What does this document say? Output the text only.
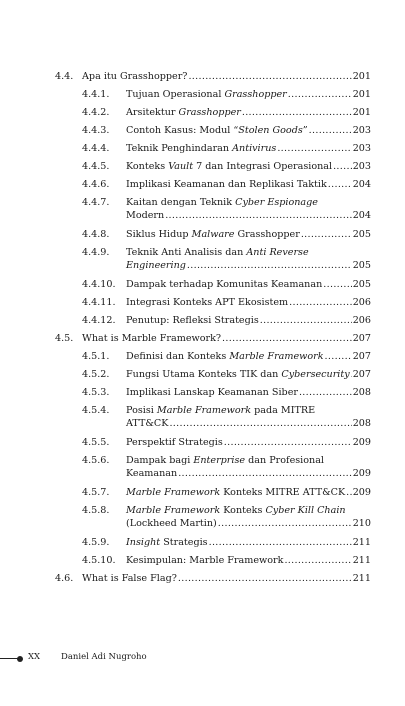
4.4. Apa itu Grasshopper? .....	201
4.4.1. Tujuan Operasional Grasshopper .....	201
4.4.2. Arsitektur Grasshopper .....	201
4.4.3. Contoh Kasus: Modul “Stolen Goods” .....	203
4.4.4. Teknik Penghindaran Antivirus .....	203
4.4.5. Konteks Vault 7 dan Integrasi Operasional ..... 203
4.4.6. Implikasi Keamanan dan Replikasi Taktik .....	204
4.4.7. Kaitan dengan Teknik Cyber Espionage
Modern .....	204
4.4.8. Siklus Hidup Malware Grasshopper .....	205
4.4.9. Teknik Anti Analisis dan Anti Reverse
Engineering .....	205
4.4.10. Dampak terhadap Komunitas Keamanan .....	205
4.4.11. Integrasi Konteks APT Ekosistem .....	206
4.4.12. Penutup: Refleksi Strategis .....	206
4.5. What is Marble Framework? .....	207
4.5.1. Definisi dan Konteks Marble Framework .....	207
4.5.2. Fungsi Utama Konteks TIK dan Cybersecurity ..... 207
4.5.3. Implikasi Lanskap Keamanan Siber .....	208
4.5.4. Posisi Marble Framework pada MITRE
ATT&CK .....	208
4.5.5. Perspektif Strategis .....	209
4.5.6. Dampak bagi Enterprise dan Profesional
Keamanan .....	209
4.5.7. Marble Framework Konteks MITRE ATT&CK ..... 209
4.5.8. Marble Framework Konteks Cyber Kill Chain
(Lockheed Martin) .....	210
4.5.9. Insight Strategis .....	211
4.5.10. Kesimpulan: Marble Framework .....	211
4.6. What is False Flag? .....	211
XX Daniel Adi Nugroho
